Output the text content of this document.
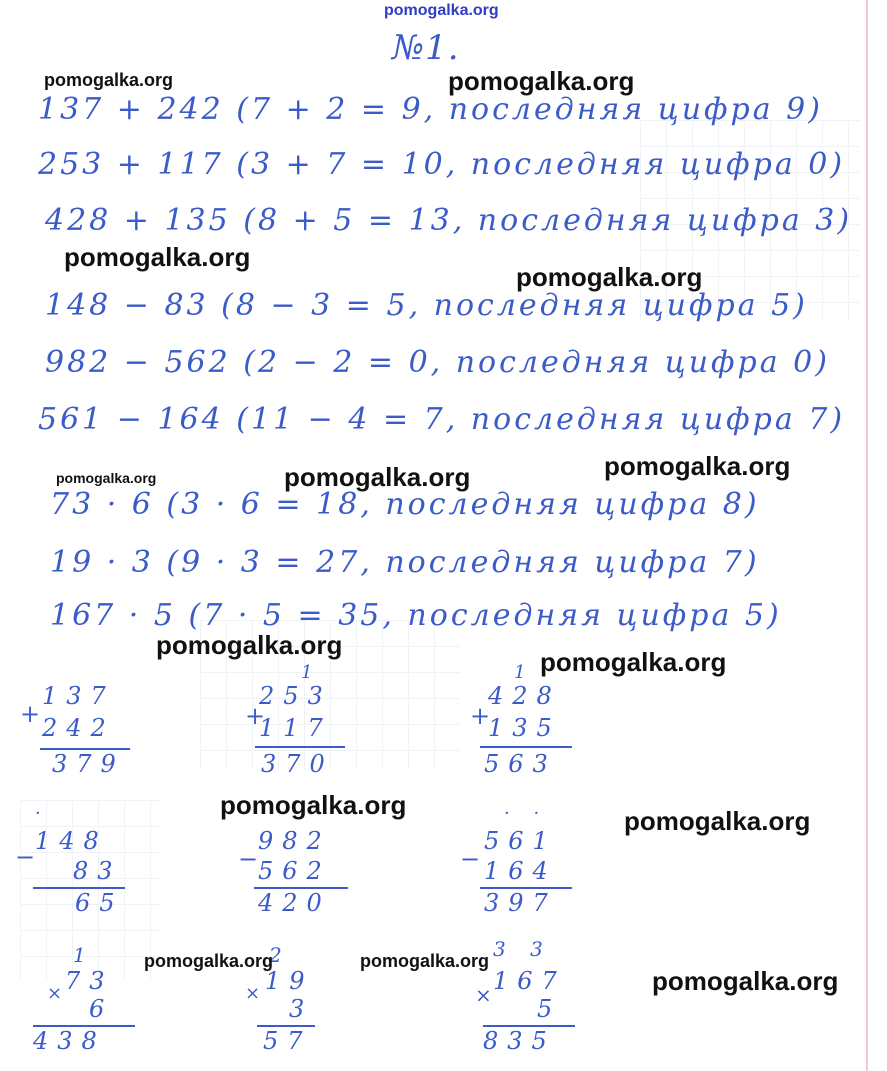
pomogalka.org
№1.
137 + 242 (7 + 2 = 9, последняя цифра 9)
253 + 117 (3 + 7 = 10, последняя цифра 0)
428 + 135 (8 + 5 = 13, последняя цифра 3)
148 − 83 (8 − 3 = 5, последняя цифра 5)
982 − 562 (2 − 2 = 0, последняя цифра 0)
561 − 164 (11 − 4 = 7, последняя цифра 7)
73 · 6 (3 · 6 = 18, последняя цифра 8)
19 · 3 (9 · 3 = 27, последняя цифра 7)
167 · 5 (7 · 5 = 35, последняя цифра 5)
+
137
242
379
1
+
253
117
370
1
+
428
135
563
·
−
148
83
65
−
982
562
420
· ·
−
561
164
397
1
×
73
6
438
2
×
19
3
57
3 3
×
167
5
835
pomogalka.org	pomogalka.org
pomogalka.org
pomogalka.org
pomogalka.org	pomogalka.org	pomogalka.org
pomogalka.org
pomogalka.org
pomogalka.org
pomogalka.org
pomogalka.org	pomogalka.org
pomogalka.org
